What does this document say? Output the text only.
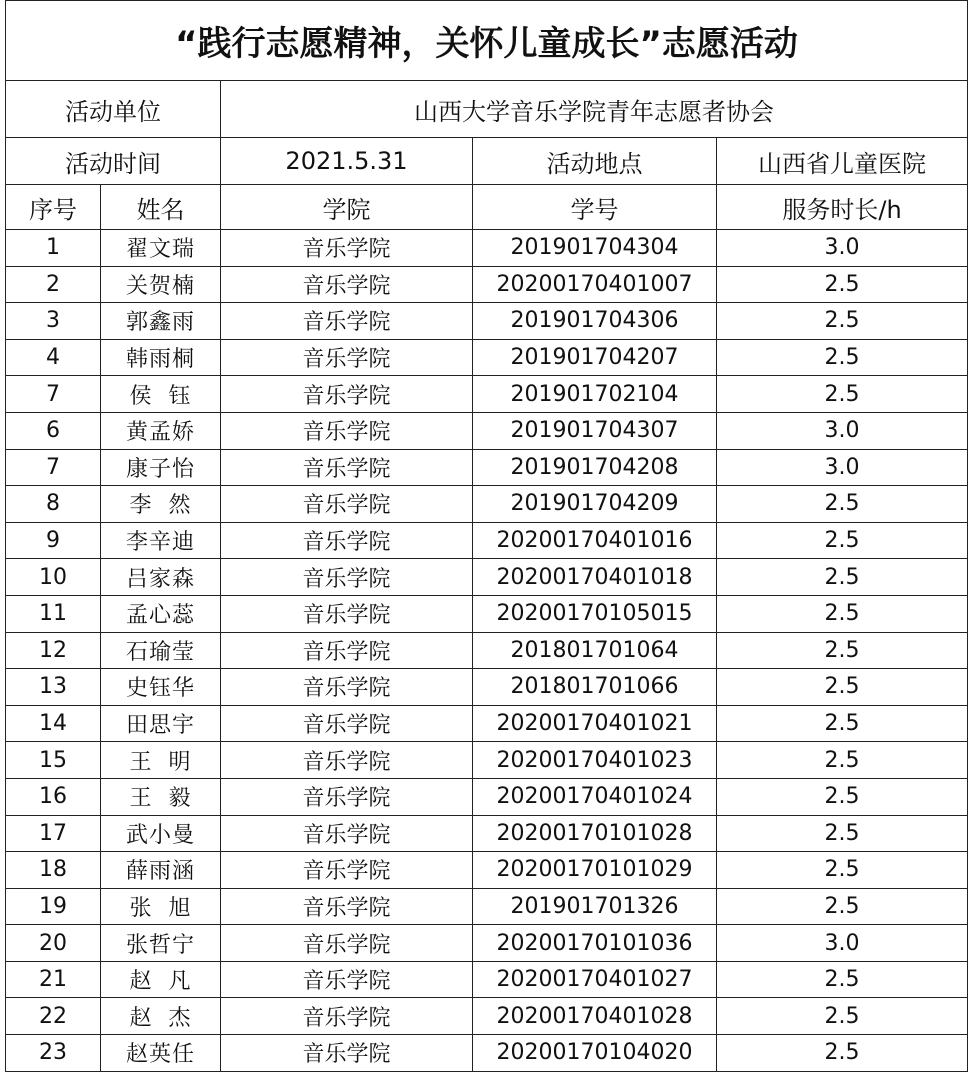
“践行志愿精神，关怀儿童成长”志愿活动				
活动单位		山西大学音乐学院青年志愿者协会		
活动时间		2021.5.31	活动地点	山西省儿童医院
序号	姓名	学院	学号	服务时长/h
1	翟文瑞	音乐学院	201901704304	3.0
2	关贺楠	音乐学院	20200170401007	2.5
3	郭鑫雨	音乐学院	201901704306	2.5
4	韩雨桐	音乐学院	201901704207	2.5
7	侯  钰	音乐学院	201901702104	2.5
6	黄孟娇	音乐学院	201901704307	3.0
7	康子怡	音乐学院	201901704208	3.0
8	李  然	音乐学院	201901704209	2.5
9	李辛迪	音乐学院	20200170401016	2.5
10	吕家森	音乐学院	20200170401018	2.5
11	孟心蕊	音乐学院	20200170105015	2.5
12	石瑜莹	音乐学院	201801701064	2.5
13	史钰华	音乐学院	201801701066	2.5
14	田思宇	音乐学院	20200170401021	2.5
15	王  明	音乐学院	20200170401023	2.5
16	王  毅	音乐学院	20200170401024	2.5
17	武小曼	音乐学院	20200170101028	2.5
18	薛雨涵	音乐学院	20200170101029	2.5
19	张  旭	音乐学院	201901701326	2.5
20	张哲宁	音乐学院	20200170101036	3.0
21	赵  凡	音乐学院	20200170401027	2.5
22	赵  杰	音乐学院	20200170401028	2.5
23	赵英任	音乐学院	20200170104020	2.5
